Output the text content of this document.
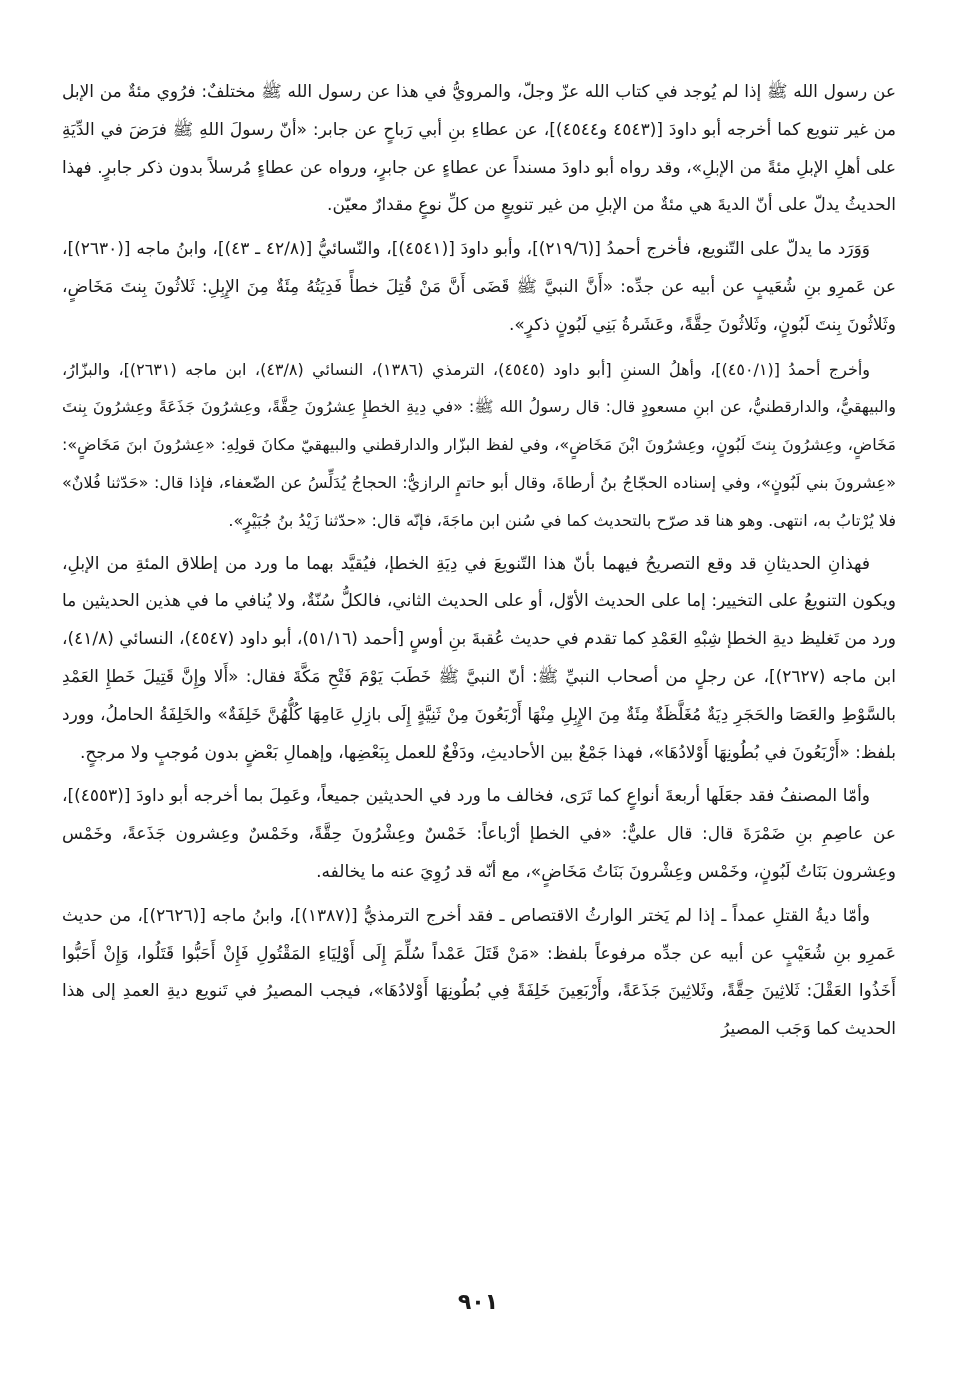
عن رسول الله ﷺ إذا لم يُوجد في كتاب الله عزّ وجلّ، والمرويُّ في هذا عن رسول الله ﷺ مختلفٌ: فرُوي مئةٌ من الإبل من غير تنويع كما أخرجه أبو داودَ [(٤٥٤٣ و٤٥٤٤)]، عن عطاءِ بنِ أبي رَباحٍ عن جابر: «أنّ رسولَ اللهِ ﷺ فرَضَ في الدِّيَةِ على أهلِ الإبلِ مئةً من الإبلِ»، وقد رواه أبو داودَ مسنداً عن عطاءٍ عن جابرٍ، ورواه عن عطاءٍ مُرسلاً بدون ذكر جابرٍ. فهذا الحديثُ يدلّ على أنّ الديةَ هي مئةٌ من الإبلِ من غير تنويعٍ من كلِّ نوعٍ مقدارٌ معيّن.

وَوَرَد ما يدلّ على التّنويع، فأخرج أحمدُ [(٢١٩/٦)]، وأبو داودَ [(٤٥٤١)]، والنّسائيُّ [(٤٢/٨ ـ ٤٣)]، وابنُ ماجه [(٢٦٣٠)]، عن عَمرِو بنِ شُعَيبٍ عن أبيه عن جدِّه: «أَنَّ النبيَّ ﷺ قَضَى أَنَّ مَنْ قُتِلَ خطأً فَدِيَتُهُ مِئَةٌ مِنَ الإِبِلِ: ثَلاثُونَ بِنتَ مَخَاضٍ، وثَلاثُونَ بِنتَ لَبُونٍ، وثَلاثُونَ حِقَّةً، وعَشَرةُ بَنِي لَبُونٍ ذكرٍ».

وأخرج أحمدُ [(٤٥٠/١)]، وأهلُ السننِ [أبو داود (٤٥٤٥)، الترمذي (١٣٨٦)، النسائي (٤٣/٨)، ابن ماجه (٢٦٣١)]، والبزّارُ، والبيهقيُّ، والدارقطنيُّ، عن ابنِ مسعودٍ قال: قال رسولُ الله ﷺ: «في دِيةِ الخطإِ عِشرُونَ حِقَّةً، وعِشرُونَ جَذَعَةً وعِشرُونَ بِنتَ مَخَاضٍ، وعِشرُونَ بِنتَ لَبُونٍ، وعِشرُونَ ابْنَ مَخَاضٍ»، وفي لفظ البزّار والدارقطني والبيهقيّ مكانَ قولِهِ: «عِشرُونَ ابنَ مَخَاضٍ»: «عِشرونَ بني لَبُونٍ»، وفي إسناده الحجّاجُ بنُ أرطاةَ، وقال أبو حاتمٍ الرازيُّ: الحجاجُ يُدَلِّسُ عن الضّعفاء، فإذا قال: «حَدّثنا فُلانٌ» فلا يُرْتابُ به، انتهى. وهو هنا قد صرّح بالتحديث كما في سُنن ابن ماجَةَ، فإنّه قال: «حدّثنا زَيْدُ بنُ جُبَيْرٍ».

فهذانِ الحديثانِ قد وقع التصريحُ فيهما بأنّ هذا التّنويعَ في دِيَةِ الخطإ، فيُقيَّد بهما ما ورد من إطلاق المئةِ من الإبلِ، ويكون التنويعُ على التخيير: إما على الحديث الأوّل، أو على الحديث الثاني، فالكلُّ سُنّةٌ، ولا يُنافي ما في هذين الحديثين ما ورد من تَغليظ ديةِ الخطإ شِبْهِ العَمْدِ كما تقدم في حديث عُقبةَ بنِ أوسٍ [أحمد (٥١/١٦)، أبو داود (٤٥٤٧)، النسائي (٤١/٨)، ابن ماجه (٢٦٢٧)]، عن رجلٍ من أصحاب النبيِّ ﷺ: أنّ النبيَّ ﷺ خَطَبَ يَوْمَ فَتْحِ مَكَّةَ فقال: «أَلا وإِنَّ قَتِيلَ خَطإِ العَمْدِ بالسَّوْطِ والعَصَا والحَجَرِ دِيَةٌ مُغَلَّظَةٌ مِئَةٌ مِنَ الإِبِلِ مِنْهَا أَرْبَعُونَ مِنْ ثَنِيَّةٍ إِلَى بازِلِ عَامِهَا كُلُّهُنَّ خَلِفَةٌ» والخَلِفَةُ الحاملُ، وورد بلفظ: «أَرْبَعُونَ في بُطُونِهَا أَوْلادُهَا»، فهذا جَمْعٌ بين الأحاديثِ، ودَفْعٌ للعمل بِبَعْضِها، وإهمالِ بَعْضٍ بدون مُوجبٍ ولا مرجحٍ.

وأمّا المصنفُ فقد جعَلَها أربعةَ أنواعٍ كما تَرَى، فخالف ما ورد في الحديثين جميعاً، وعَمِلَ بما أخرجه أبو داودَ [(٤٥٥٣)]، عن عاصِمِ بنِ ضَمْرَةَ قال: قال عليٌّ: «في الخطإ أرْباعاً: خَمْسٌ وعِشْرُونَ حِقَّةً، وخَمْسٌ وعِشرون جَذَعةً، وخَمْس وعِشرون بَنَاتُ لَبُونٍ، وخَمْس وعِشْرونَ بَنَاتُ مَخَاضٍ»، مع أنّه قد رُوِيَ عنه ما يخالفه.

وأمّا ديةُ القتلِ عمداً ـ إذا لم يَختر الوارثُ الاقتصاص ـ فقد أخرج الترمذيُّ [(١٣٨٧)]، وابنُ ماجه [(٢٦٢٦)]، من حديث عَمرِو بنِ شُعَيْبٍ عن أبيه عن جدِّه مرفوعاً بلفظ: «مَنْ قَتَلَ عَمْداً سُلِّمَ إِلَى أَوْلِيَاءِ المَقْتُولِ فَإِنْ أَحَبُّوا قَتَلُوا، وَإِنْ أَحَبُّوا أَخَذُوا العَقْلَ: ثَلاثِينَ حِقَّةً، وثَلاثِينَ جَذَعَةً، وأَرْبَعِينَ خَلِفَةً فِي بُطُونِهَا أَوْلادُهَا»، فيجب المصيرُ في تَنويع ديةِ العمدِ إلى هذا الحديث كما وَجَب المصيرُ

٩٠١
